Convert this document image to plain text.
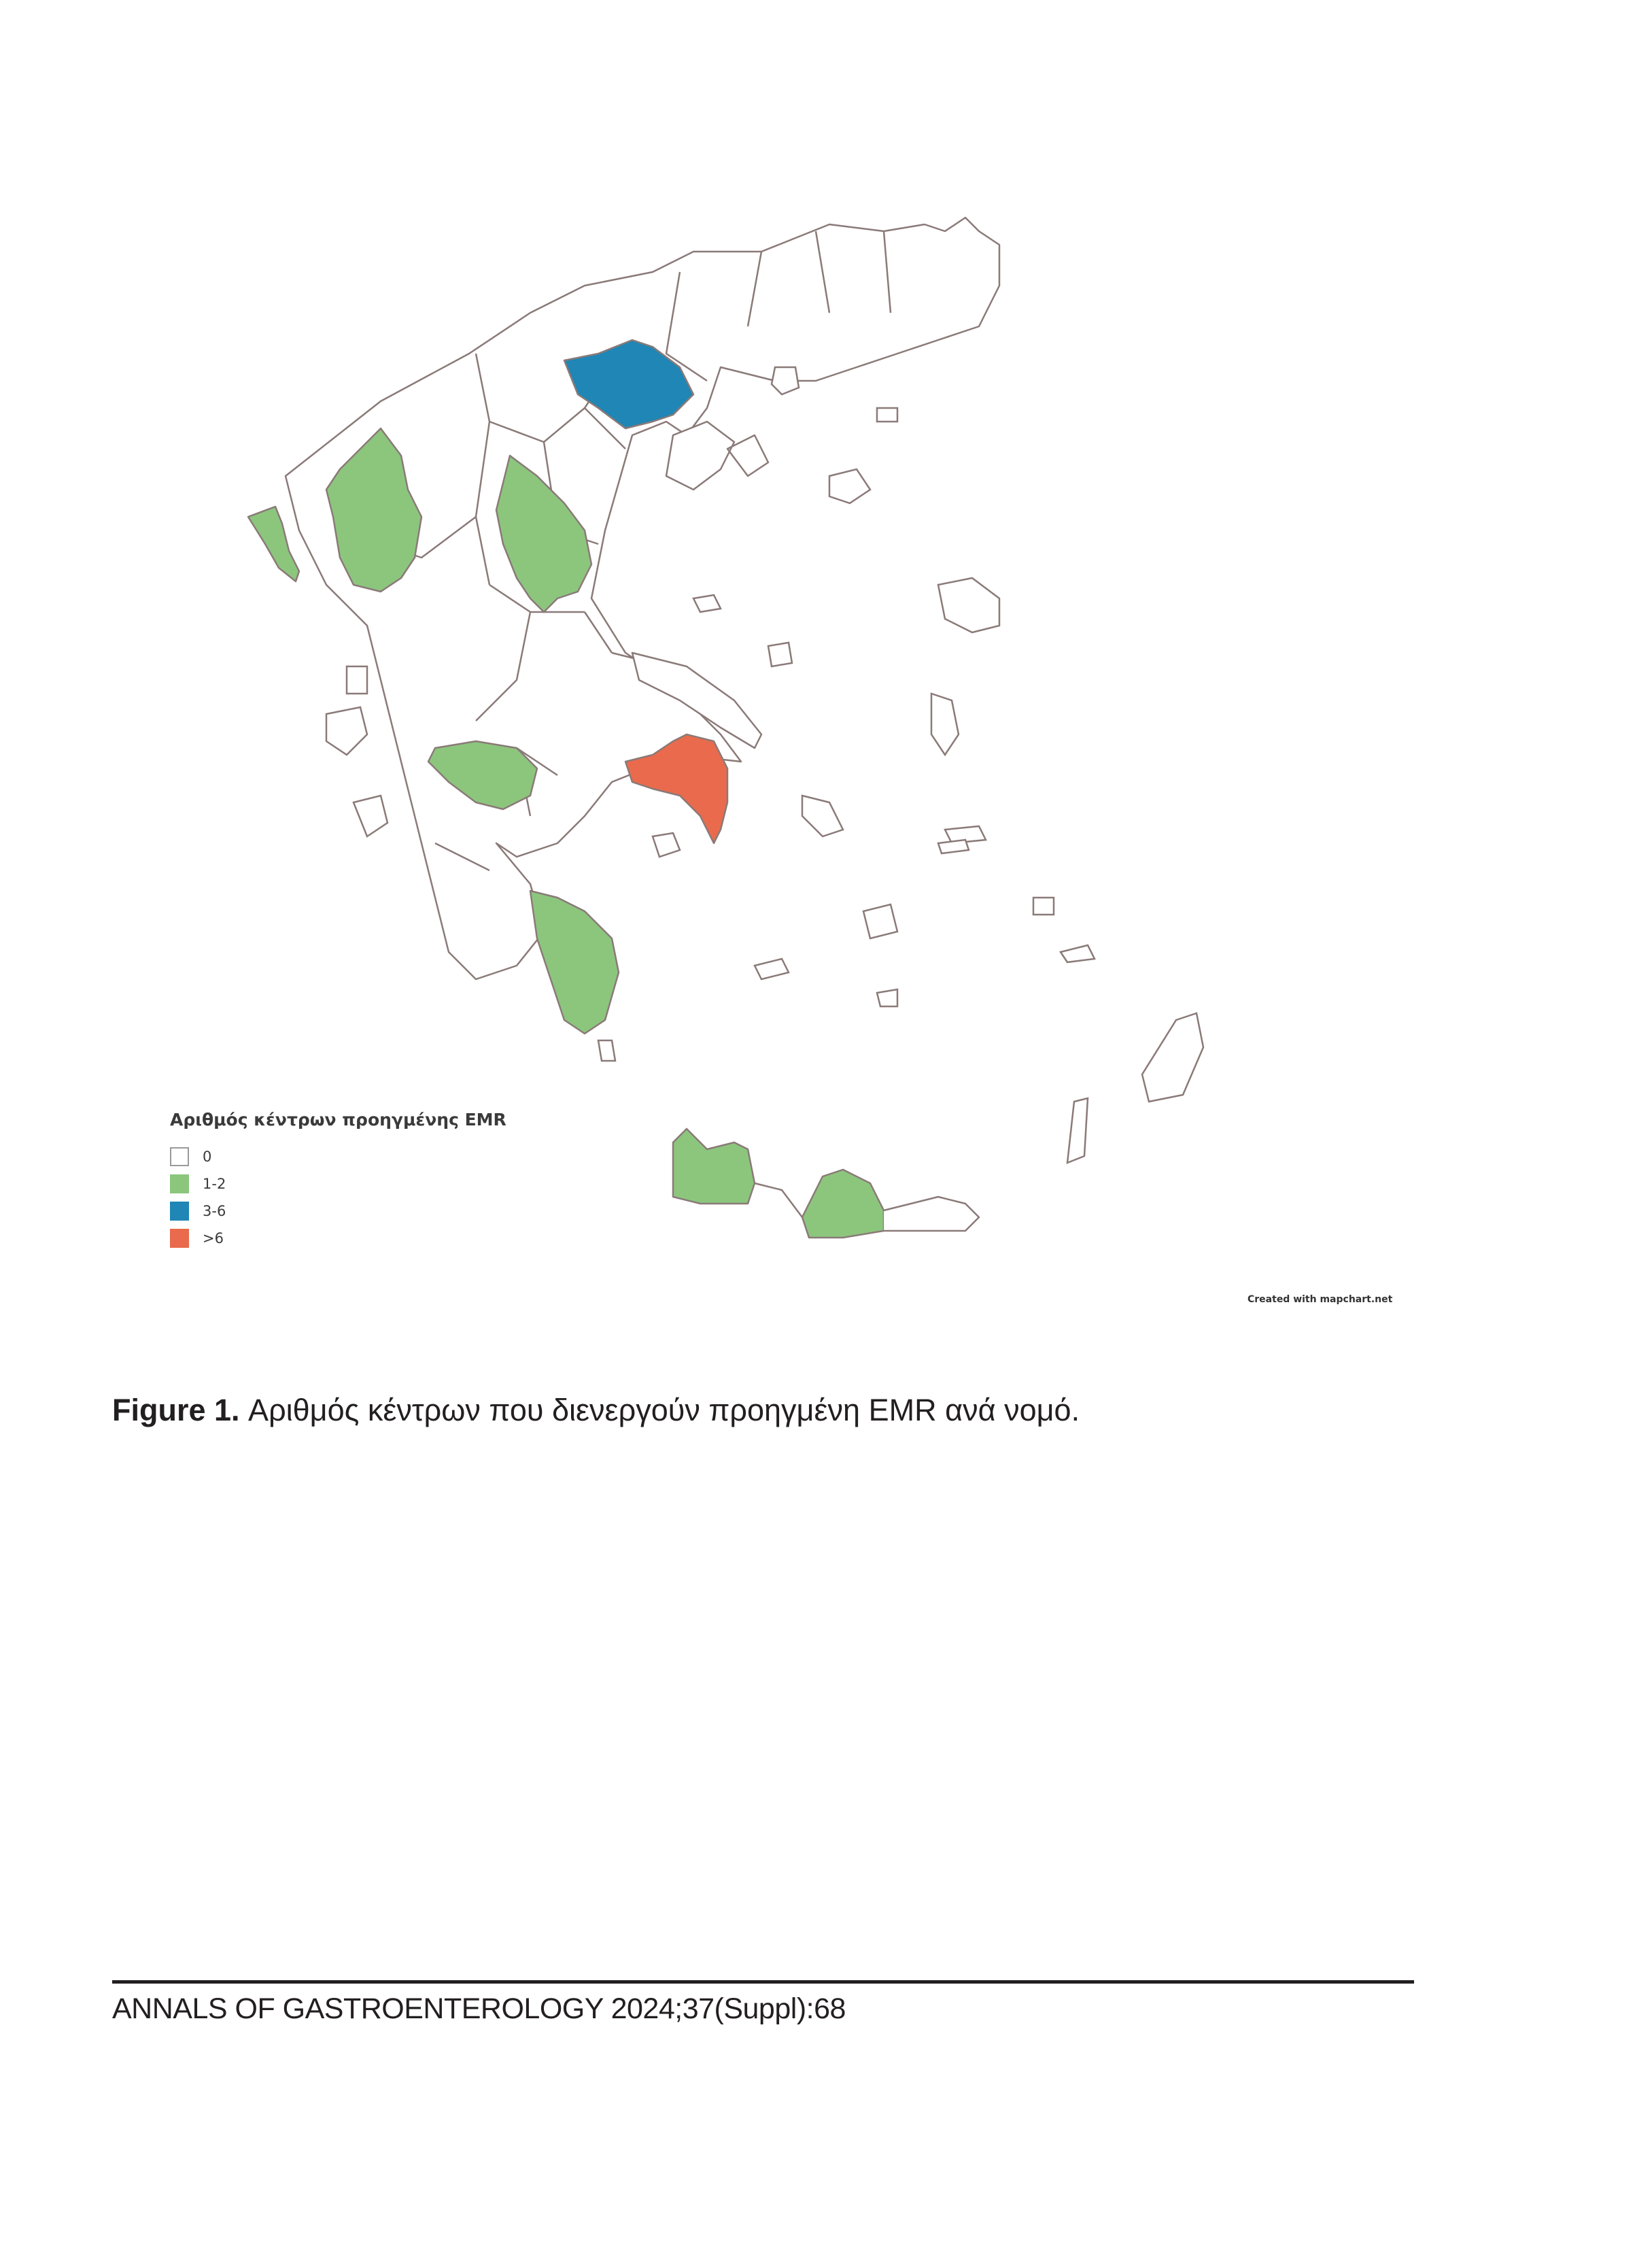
Αριθμός κέντρων προηγμένης EMR
0
1-2
3-6
>6
Created with mapchart.net
Figure 1. Αριθμός κέντρων που διενεργούν προηγμένη EMR ανά νομό.
ANNALS OF GASTROENTEROLOGY 2024;37(Suppl):68
